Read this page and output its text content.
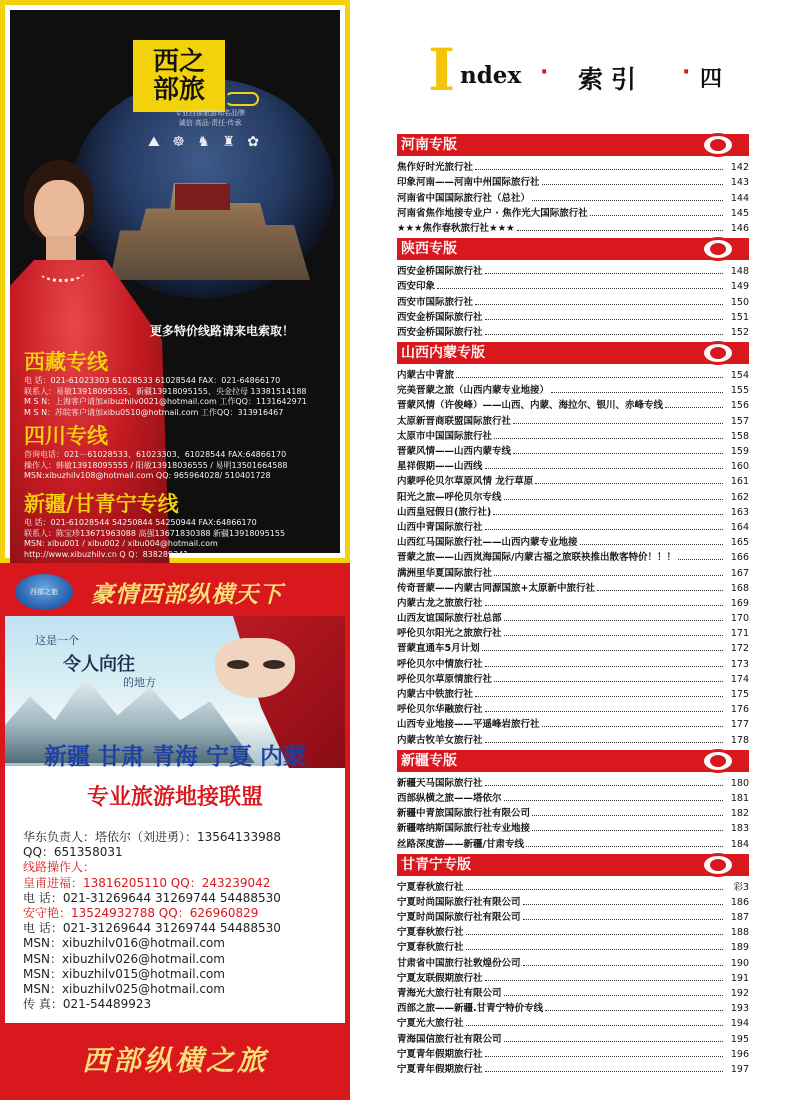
西之
部旅
专业西部旅游知名品牌
诚信·高品·责任·传承
⛰ ☸ ♞ ♜ ✿
更多特价线路请来电索取！
西藏专线
电 话：021-61023303 61028533 61028544 FAX：021-64866170
联系人：易敏13918095555、新疆13918095155、央金拉母 13381514188
M S N：上海客户请加xibuzhilv0021@hotmail.com 工作QQ：1131642971
M S N：苏皖客户请加xibu0510@hotmail.com 工作QQ：313916467
四川专线
咨询电话：021－61028533、61023303、61028544 FAX:64866170
操作人：韩敏13918095555 / 阳敏13918036555 / 易明13501664588
MSN:xibuzhilv108@hotmail.com QQ: 965964028/ 510401728
新疆/甘青宁专线
电 话：021-61028544 54250844 54250944 FAX:64866170
联系人：陈宝珍13671963088 高强13671830388 新疆13918095155
MSN: xibu001 / xibu002 / xibu004@hotmail.com
http://www.xibuzhilv.cn Q Q：838289341
西部之旅	豪情西部纵横天下
这是一个
令人向往
的地方
新疆 甘肃 青海 宁夏 内蒙
专业旅游地接联盟
西部纵横之旅
华东负责人：塔依尔（刘进勇）：13564133988
QQ：651358031
线路操作人：
皇甫进福：13816205110 QQ：243239042
电 话：021-31269644 31269744 54488530
安守艳：13524932788 QQ：626960829
电 话：021-31269644 31269744 54488530
MSN：xibuzhilv016@hotmail.com
MSN：xibuzhilv026@hotmail.com
MSN：xibuzhilv015@hotmail.com
MSN：xibuzhilv025@hotmail.com
传 真：021-54489923
I ndex · 索引 · 四
河南专版
焦作好时光旅行社	142
印象河南——河南中州国际旅行社	143
河南省中国国际旅行社（总社）	144
河南省焦作地接专业户 · 焦作光大国际旅行社	145
★★★焦作春秋旅行社★★★	146
陕西专版
西安金桥国际旅行社	148
西安印象	149
西安市国际旅行社	150
西安金桥国际旅行社	151
西安金桥国际旅行社	152
山西内蒙专版
内蒙古中青旅	154
完美晋蒙之旅（山西内蒙专业地接）	155
晋蒙风情（许俊峰）——山西、内蒙、海拉尔、银川、赤峰专线	156
太原新晋商联盟国际旅行社	157
太原市中国国际旅行社	158
晋蒙风情——山西内蒙专线	159
星祥假期——山西线	160
内蒙呼伦贝尔草原风情 龙行草原	161
阳光之旅—呼伦贝尔专线	162
山西皇冠假日(旅行社)	163
山西中青国际旅行社	164
山西红马国际旅行社——山西内蒙专业地接	165
晋蒙之旅——山西岚海国际/内蒙古福之旅联袂推出散客特价！！！	166
满洲里华夏国际旅行社	167
传奇晋蒙——内蒙古同源国旅+太原新中旅行社	168
内蒙古龙之旅旅行社	169
山西友谊国际旅行社总部	170
呼伦贝尔阳光之旅旅行社	171
晋蒙直通车5月计划	172
呼伦贝尔中情旅行社	173
呼伦贝尔草原情旅行社	174
内蒙古中铁旅行社	175
呼伦贝尔华融旅行社	176
山西专业地接——平遥峰岩旅行社	177
内蒙古牧羊女旅行社	178
新疆专版
新疆天马国际旅行社	180
西部纵横之旅——塔依尔	181
新疆中青旅国际旅行社有限公司	182
新疆喀纳斯国际旅行社专业地接	183
丝路深度游——新疆/甘肃专线	184
甘青宁专版
宁夏春秋旅行社	彩3
宁夏时尚国际旅行社有限公司	186
宁夏时尚国际旅行社有限公司	187
宁夏春秋旅行社	188
宁夏春秋旅行社	189
甘肃省中国旅行社敦煌份公司	190
宁夏友联假期旅行社	191
青海光大旅行社有限公司	192
西部之旅——新疆.甘青宁特价专线	193
宁夏光大旅行社	194
青海国信旅行社有限公司	195
宁夏青年假期旅行社	196
宁夏青年假期旅行社	197
